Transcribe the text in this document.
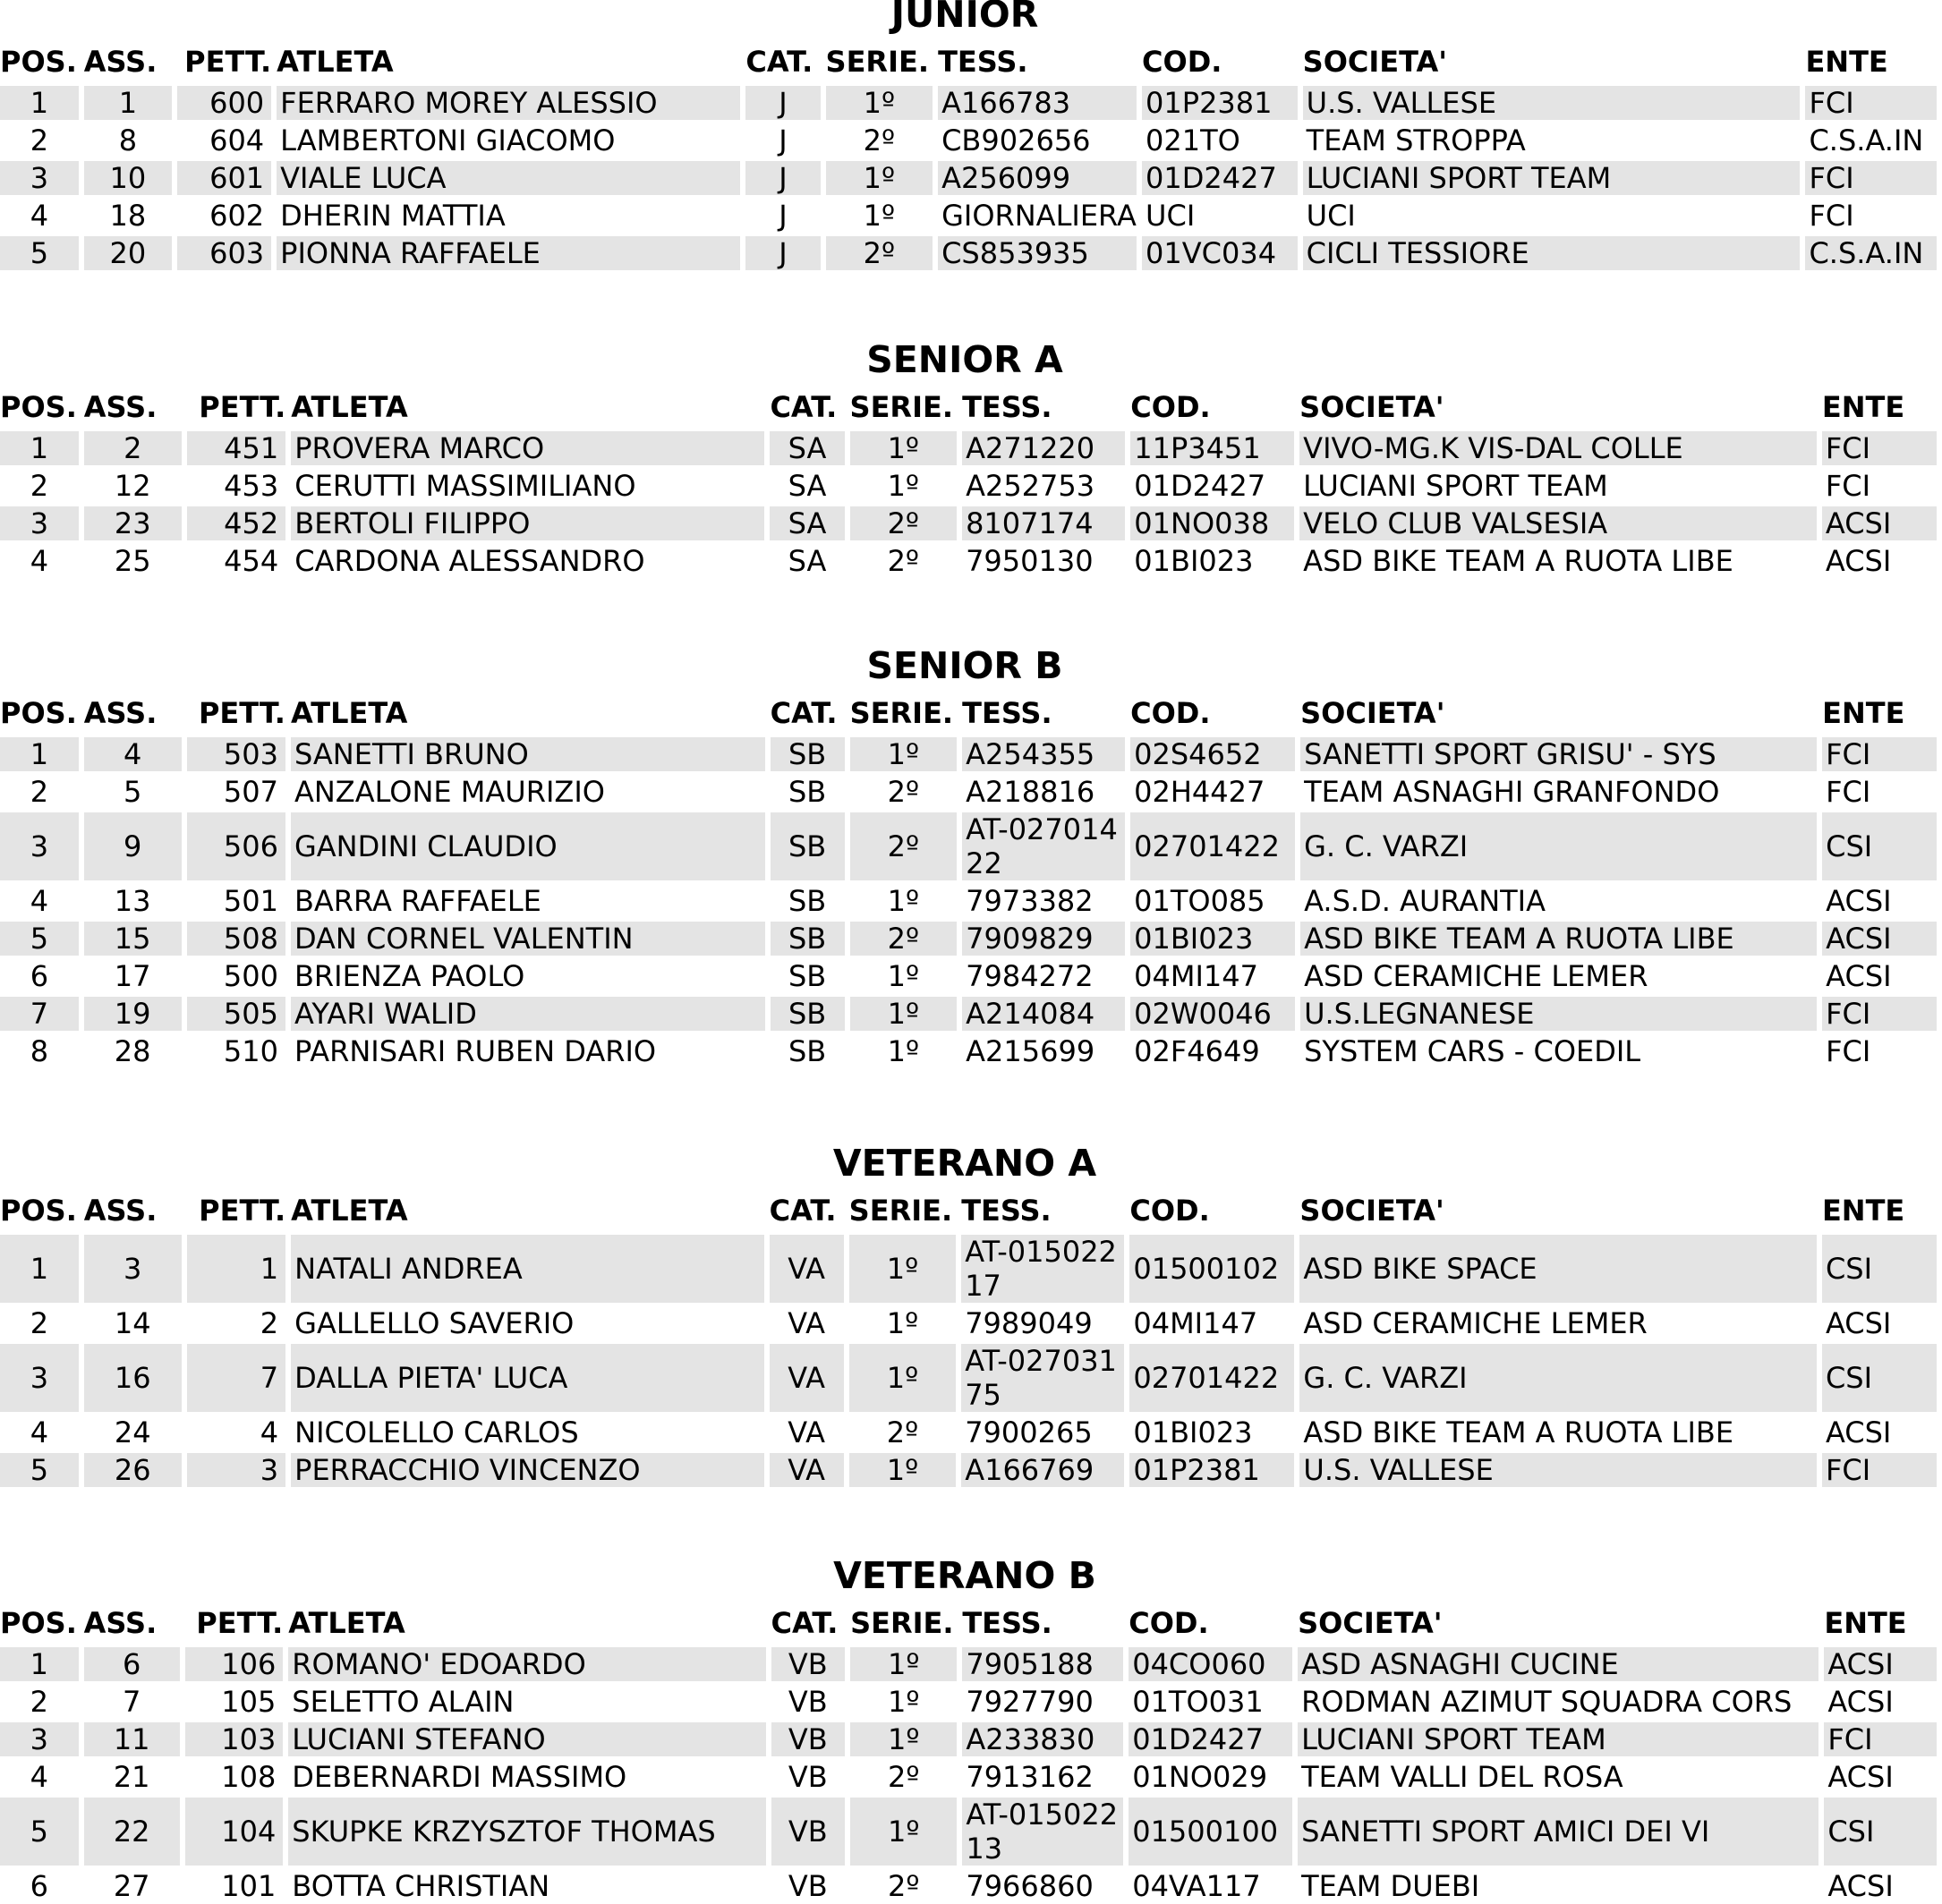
JUNIOR
POS.	ASS.	PETT.	ATLETA	CAT.	SERIE.	TESS.	COD.	SOCIETA'	ENTE
1	1	600	FERRARO MOREY ALESSIO	J	1º	A166783	01P2381	U.S. VALLESE	FCI
2	8	604	LAMBERTONI GIACOMO	J	2º	CB902656	021TO	TEAM STROPPA	C.S.A.IN
3	10	601	VIALE LUCA	J	1º	A256099	01D2427	LUCIANI SPORT TEAM	FCI
4	18	602	DHERIN MATTIA	J	1º	GIORNALIERA	UCI	UCI	FCI
5	20	603	PIONNA RAFFAELE	J	2º	CS853935	01VC034	CICLI TESSIORE	C.S.A.IN
SENIOR A
POS.	ASS.	PETT.	ATLETA	CAT.	SERIE.	TESS.	COD.	SOCIETA'	ENTE
1	2	451	PROVERA MARCO	SA	1º	A271220	11P3451	VIVO-MG.K VIS-DAL COLLE	FCI
2	12	453	CERUTTI MASSIMILIANO	SA	1º	A252753	01D2427	LUCIANI SPORT TEAM	FCI
3	23	452	BERTOLI FILIPPO	SA	2º	8107174	01NO038	VELO CLUB VALSESIA	ACSI
4	25	454	CARDONA ALESSANDRO	SA	2º	7950130	01BI023	ASD BIKE TEAM A RUOTA LIBE	ACSI
SENIOR B
POS.	ASS.	PETT.	ATLETA	CAT.	SERIE.	TESS.	COD.	SOCIETA'	ENTE
1	4	503	SANETTI BRUNO	SB	1º	A254355	02S4652	SANETTI SPORT GRISU' - SYS	FCI
2	5	507	ANZALONE MAURIZIO	SB	2º	A218816	02H4427	TEAM ASNAGHI GRANFONDO	FCI
3	9	506	GANDINI CLAUDIO	SB	2º	AT-02701422	02701422	G. C. VARZI	CSI
4	13	501	BARRA RAFFAELE	SB	1º	7973382	01TO085	A.S.D. AURANTIA	ACSI
5	15	508	DAN CORNEL VALENTIN	SB	2º	7909829	01BI023	ASD BIKE TEAM A RUOTA LIBE	ACSI
6	17	500	BRIENZA PAOLO	SB	1º	7984272	04MI147	ASD CERAMICHE LEMER	ACSI
7	19	505	AYARI WALID	SB	1º	A214084	02W0046	U.S.LEGNANESE	FCI
8	28	510	PARNISARI RUBEN DARIO	SB	1º	A215699	02F4649	SYSTEM CARS - COEDIL	FCI
VETERANO A
POS.	ASS.	PETT.	ATLETA	CAT.	SERIE.	TESS.	COD.	SOCIETA'	ENTE
1	3	1	NATALI ANDREA	VA	1º	AT-01502217	01500102	ASD BIKE SPACE	CSI
2	14	2	GALLELLO SAVERIO	VA	1º	7989049	04MI147	ASD CERAMICHE LEMER	ACSI
3	16	7	DALLA PIETA' LUCA	VA	1º	AT-02703175	02701422	G. C. VARZI	CSI
4	24	4	NICOLELLO CARLOS	VA	2º	7900265	01BI023	ASD BIKE TEAM A RUOTA LIBE	ACSI
5	26	3	PERRACCHIO VINCENZO	VA	1º	A166769	01P2381	U.S. VALLESE	FCI
VETERANO B
POS.	ASS.	PETT.	ATLETA	CAT.	SERIE.	TESS.	COD.	SOCIETA'	ENTE
1	6	106	ROMANO' EDOARDO	VB	1º	7905188	04CO060	ASD ASNAGHI CUCINE	ACSI
2	7	105	SELETTO ALAIN	VB	1º	7927790	01TO031	RODMAN AZIMUT SQUADRA CORS	ACSI
3	11	103	LUCIANI STEFANO	VB	1º	A233830	01D2427	LUCIANI SPORT TEAM	FCI
4	21	108	DEBERNARDI MASSIMO	VB	2º	7913162	01NO029	TEAM VALLI DEL ROSA	ACSI
5	22	104	SKUPKE KRZYSZTOF THOMAS	VB	1º	AT-01502213	01500100	SANETTI SPORT AMICI DEI VI	CSI
6	27	101	BOTTA CHRISTIAN	VB	2º	7966860	04VA117	TEAM DUEBI	ACSI
